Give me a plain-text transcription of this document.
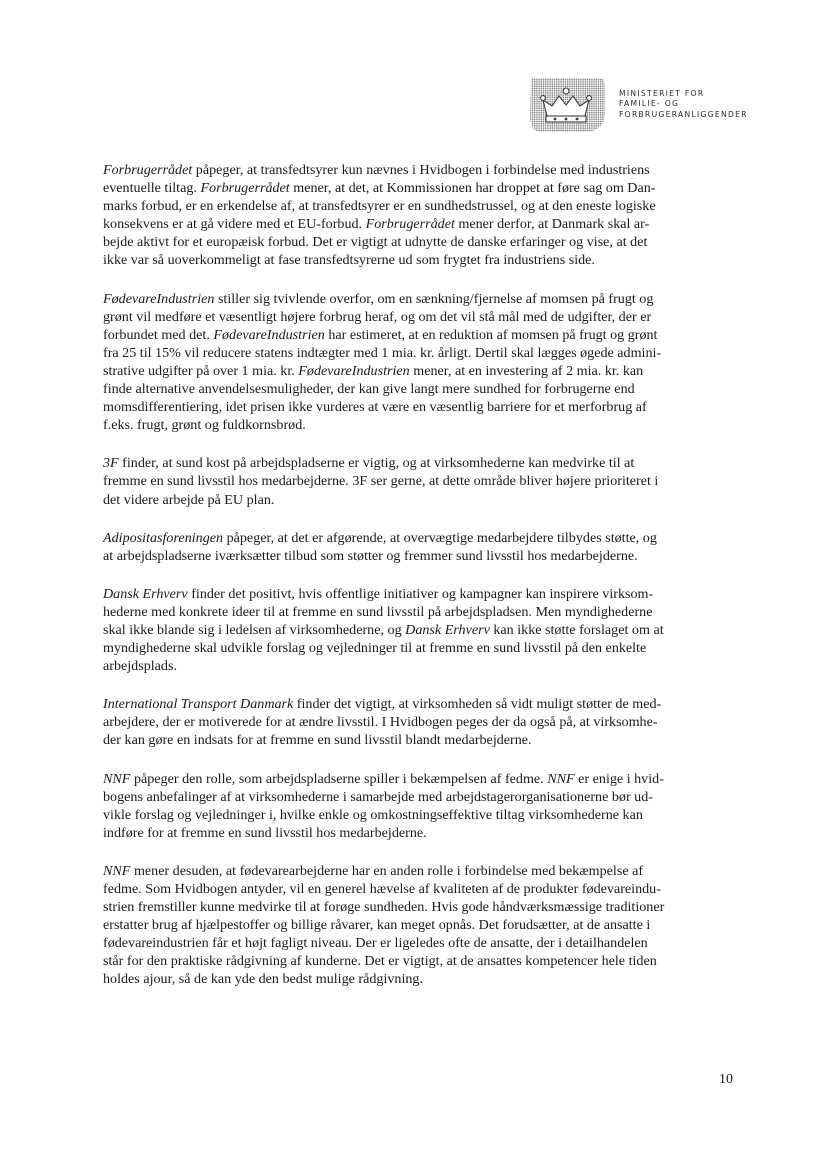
MINISTERIET FOR
FAMILIE- OG
FORBRUGERANLIGGENDER

Forbrugerrådet påpeger, at transfedtsyrer kun nævnes i Hvidbogen i forbindelse med industriens
eventuelle tiltag. Forbrugerrådet mener, at det, at Kommissionen har droppet at føre sag om Dan-
marks forbud, er en erkendelse af, at transfedtsyrer er en sundhedstrussel, og at den eneste logiske
konsekvens er at gå videre med et EU-forbud. Forbrugerrådet mener derfor, at Danmark skal ar-
bejde aktivt for et europæisk forbud. Det er vigtigt at udnytte de danske erfaringer og vise, at det
ikke var så uoverkommeligt at fase transfedtsyrerne ud som frygtet fra industriens side.

FødevareIndustrien stiller sig tvivlende overfor, om en sænkning/fjernelse af momsen på frugt og
grønt vil medføre et væsentligt højere forbrug heraf, og om det vil stå mål med de udgifter, der er
forbundet med det. FødevareIndustrien har estimeret, at en reduktion af momsen på frugt og grønt
fra 25 til 15% vil reducere statens indtægter med 1 mia. kr. årligt. Dertil skal lægges øgede admini-
strative udgifter på over 1 mia. kr. FødevareIndustrien mener, at en investering af 2 mia. kr. kan
finde alternative anvendelsesmuligheder, der kan give langt mere sundhed for forbrugerne end
momsdifferentiering, idet prisen ikke vurderes at være en væsentlig barriere for et merforbrug af
f.eks. frugt, grønt og fuldkornsbrød.

3F finder, at sund kost på arbejdspladserne er vigtig, og at virksomhederne kan medvirke til at
fremme en sund livsstil hos medarbejderne. 3F ser gerne, at dette område bliver højere prioriteret i
det videre arbejde på EU plan.

Adipositasforeningen påpeger, at det er afgørende, at overvægtige medarbejdere tilbydes støtte, og
at arbejdspladserne iværksætter tilbud som støtter og fremmer sund livsstil hos medarbejderne.

Dansk Erhverv finder det positivt, hvis offentlige initiativer og kampagner kan inspirere virksom-
hederne med konkrete ideer til at fremme en sund livsstil på arbejdspladsen. Men myndighederne
skal ikke blande sig i ledelsen af virksomhederne, og Dansk Erhverv kan ikke støtte forslaget om at
myndighederne skal udvikle forslag og vejledninger til at fremme en sund livsstil på den enkelte
arbejdsplads.

International Transport Danmark finder det vigtigt, at virksomheden så vidt muligt støtter de med-
arbejdere, der er motiverede for at ændre livsstil. I Hvidbogen peges der da også på, at virksomhe-
der kan gøre en indsats for at fremme en sund livsstil blandt medarbejderne.

NNF påpeger den rolle, som arbejdspladserne spiller i bekæmpelsen af fedme. NNF er enige i hvid-
bogens anbefalinger af at virksomhederne i samarbejde med arbejdstagerorganisationerne bør ud-
vikle forslag og vejledninger i, hvilke enkle og omkostningseffektive tiltag virksomhederne kan
indføre for at fremme en sund livsstil hos medarbejderne.

NNF mener desuden, at fødevarearbejderne har en anden rolle i forbindelse med bekæmpelse af
fedme. Som Hvidbogen antyder, vil en generel hævelse af kvaliteten af de produkter fødevareindu-
strien fremstiller kunne medvirke til at forøge sundheden. Hvis gode håndværksmæssige traditioner
erstatter brug af hjælpestoffer og billige råvarer, kan meget opnås. Det forudsætter, at de ansatte i
fødevareindustrien får et højt fagligt niveau. Der er ligeledes ofte de ansatte, der i detailhandelen
står for den praktiske rådgivning af kunderne. Det er vigtigt, at de ansattes kompetencer hele tiden
holdes ajour, så de kan yde den bedst mulige rådgivning.

10
